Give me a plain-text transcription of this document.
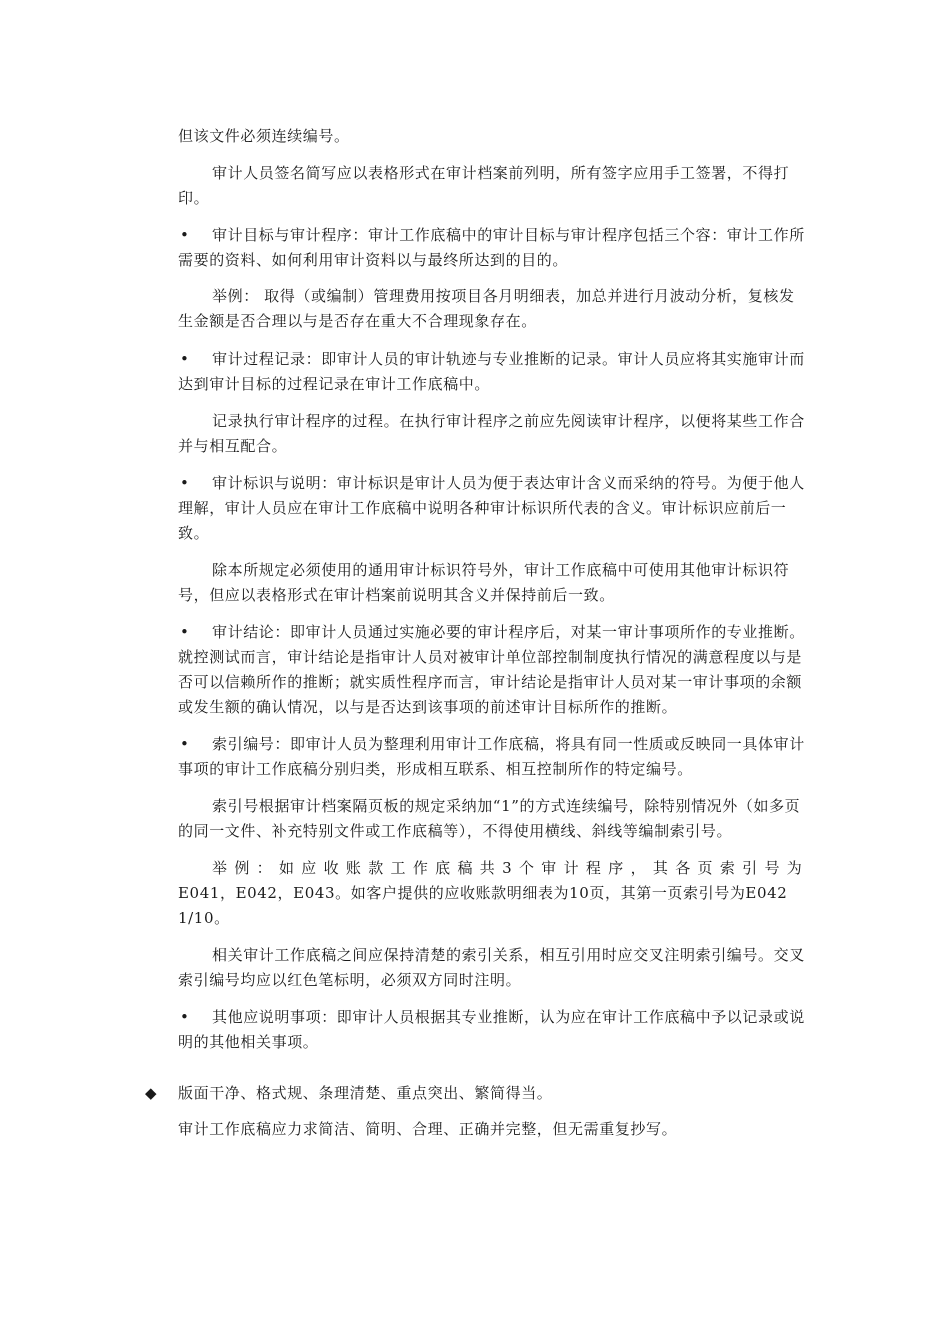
但该文件必须连续编号。

审计人员签名简写应以表格形式在审计档案前列明，所有签字应用手工签署，不得打印。

•	审计目标与审计程序：审计工作底稿中的审计目标与审计程序包括三个容：审计工作所需要的资料、如何利用审计资料以与最终所达到的目的。

举例： 取得（或编制）管理费用按项目各月明细表，加总并进行月波动分析，复核发生金额是否合理以与是否存在重大不合理现象存在。

•	审计过程记录：即审计人员的审计轨迹与专业推断的记录。审计人员应将其实施审计而达到审计目标的过程记录在审计工作底稿中。

记录执行审计程序的过程。在执行审计程序之前应先阅读审计程序，以便将某些工作合并与相互配合。

•	审计标识与说明：审计标识是审计人员为便于表达审计含义而采纳的符号。为便于他人理解，审计人员应在审计工作底稿中说明各种审计标识所代表的含义。审计标识应前后一致。

除本所规定必须使用的通用审计标识符号外，审计工作底稿中可使用其他审计标识符号，但应以表格形式在审计档案前说明其含义并保持前后一致。

•	审计结论：即审计人员通过实施必要的审计程序后，对某一审计事项所作的专业推断。就控测试而言，审计结论是指审计人员对被审计单位部控制制度执行情况的满意程度以与是否可以信赖所作的推断；就实质性程序而言，审计结论是指审计人员对某一审计事项的余额或发生额的确认情况，以与是否达到该事项的前述审计目标所作的推断。
•	索引编号：即审计人员为整理利用审计工作底稿，将具有同一性质或反映同一具体审计事项的审计工作底稿分别归类，形成相互联系、相互控制所作的特定编号。

索引号根据审计档案隔页板的规定采纳加“1”的方式连续编号，除特别情况外（如多页的同一文件、补充特别文件或工作底稿等），不得使用横线、斜线等编制索引号。

举例：如应收账款工作底稿共3个审计程序，其各页索引号为
E041，E042，E043。如客户提供的应收账款明细表为10页，其第一页索引号为E042 1/10。

相关审计工作底稿之间应保持清楚的索引关系，相互引用时应交叉注明索引编号。交叉索引编号均应以红色笔标明，必须双方同时注明。

•	其他应说明事项：即审计人员根据其专业推断，认为应在审计工作底稿中予以记录或说明的其他相关事项。
◆ 版面干净、格式规、条理清楚、重点突出、繁简得当。

审计工作底稿应力求简洁、简明、合理、正确并完整，但无需重复抄写。
